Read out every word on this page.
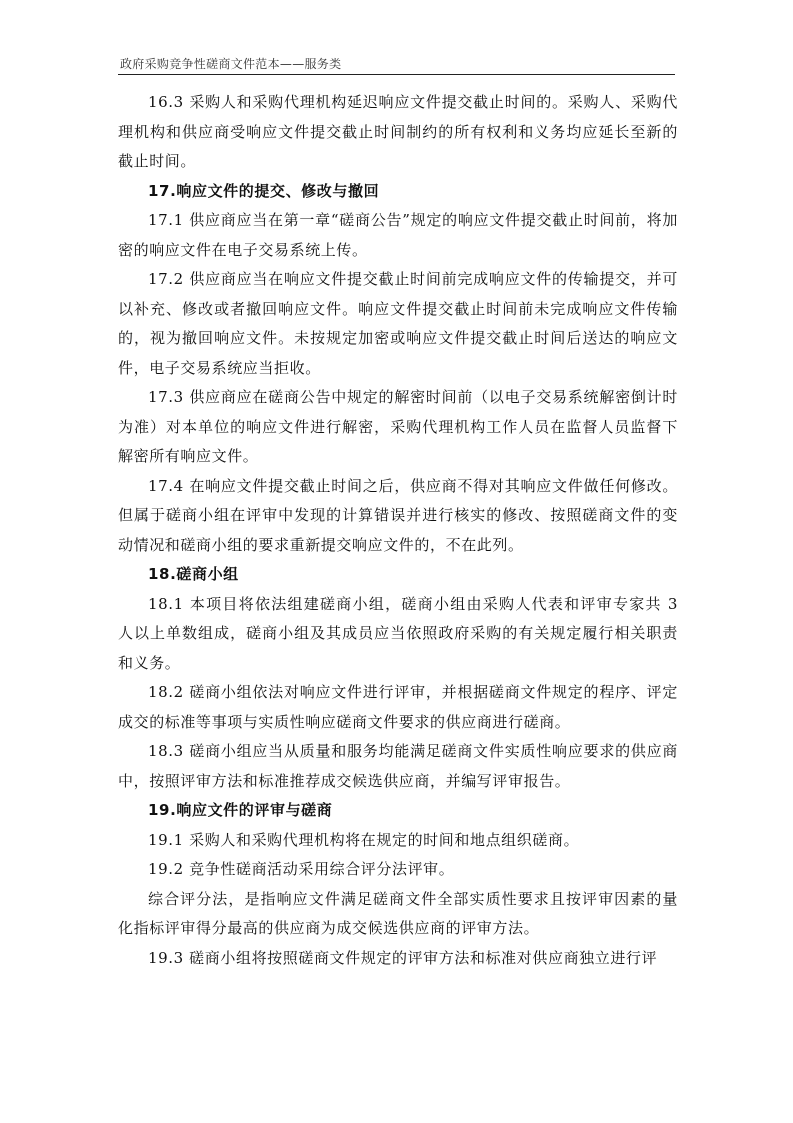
政府采购竞争性磋商文件范本——服务类

16.3 采购人和采购代理机构延迟响应文件提交截止时间的。采购人、采购代理机构和供应商受响应文件提交截止时间制约的所有权利和义务均应延长至新的截止时间。

17.响应文件的提交、修改与撤回

17.1 供应商应当在第一章“磋商公告”规定的响应文件提交截止时间前，将加密的响应文件在电子交易系统上传。

17.2 供应商应当在响应文件提交截止时间前完成响应文件的传输提交，并可以补充、修改或者撤回响应文件。响应文件提交截止时间前未完成响应文件传输的，视为撤回响应文件。未按规定加密或响应文件提交截止时间后送达的响应文件，电子交易系统应当拒收。

17.3 供应商应在磋商公告中规定的解密时间前（以电子交易系统解密倒计时为准）对本单位的响应文件进行解密，采购代理机构工作人员在监督人员监督下解密所有响应文件。

17.4 在响应文件提交截止时间之后，供应商不得对其响应文件做任何修改。但属于磋商小组在评审中发现的计算错误并进行核实的修改、按照磋商文件的变动情况和磋商小组的要求重新提交响应文件的，不在此列。

18.磋商小组

18.1 本项目将依法组建磋商小组，磋商小组由采购人代表和评审专家共 3 人以上单数组成，磋商小组及其成员应当依照政府采购的有关规定履行相关职责和义务。

18.2 磋商小组依法对响应文件进行评审，并根据磋商文件规定的程序、评定成交的标准等事项与实质性响应磋商文件要求的供应商进行磋商。

18.3 磋商小组应当从质量和服务均能满足磋商文件实质性响应要求的供应商中，按照评审方法和标准推荐成交候选供应商，并编写评审报告。

19.响应文件的评审与磋商

19.1 采购人和采购代理机构将在规定的时间和地点组织磋商。

19.2 竞争性磋商活动采用综合评分法评审。

综合评分法，是指响应文件满足磋商文件全部实质性要求且按评审因素的量化指标评审得分最高的供应商为成交候选供应商的评审方法。

19.3 磋商小组将按照磋商文件规定的评审方法和标准对供应商独立进行评
